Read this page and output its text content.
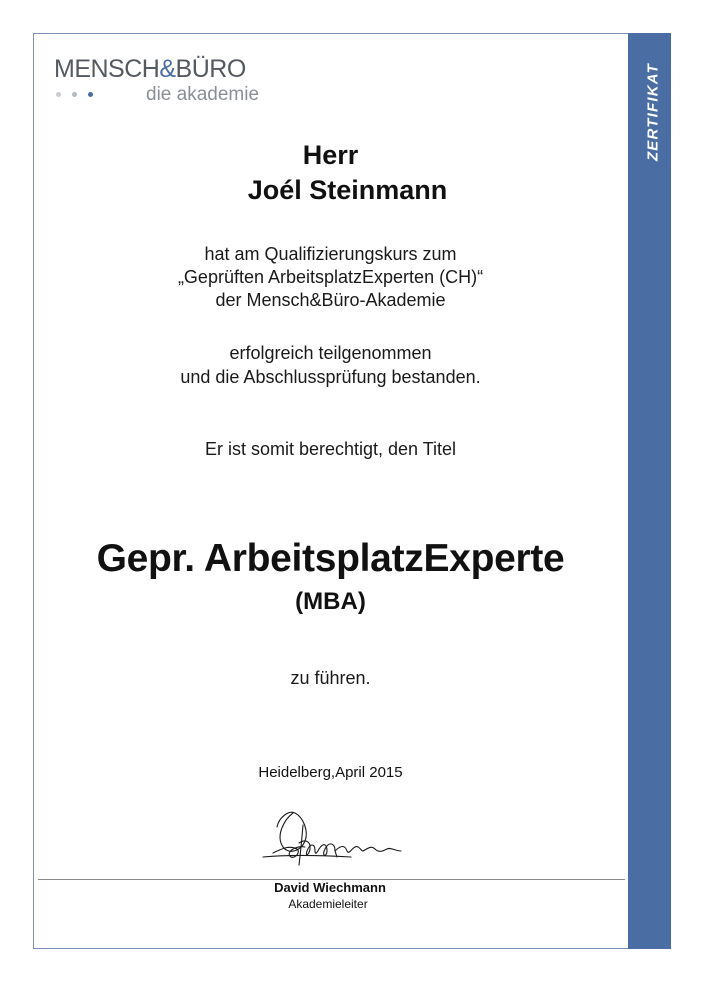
ZERTIFIKAT
MENSCH&BÜRO
die akademie
Herr
Joél Steinmann
hat am Qualifizierungskurs zum
„Geprüften ArbeitsplatzExperten (CH)“
der Mensch&Büro-Akademie
erfolgreich teilgenommen
und die Abschlussprüfung bestanden.
Er ist somit berechtigt, den Titel
Gepr. ArbeitsplatzExperte
(MBA)
zu führen.
Heidelberg,April 2015
David Wiechmann
Akademieleiter
